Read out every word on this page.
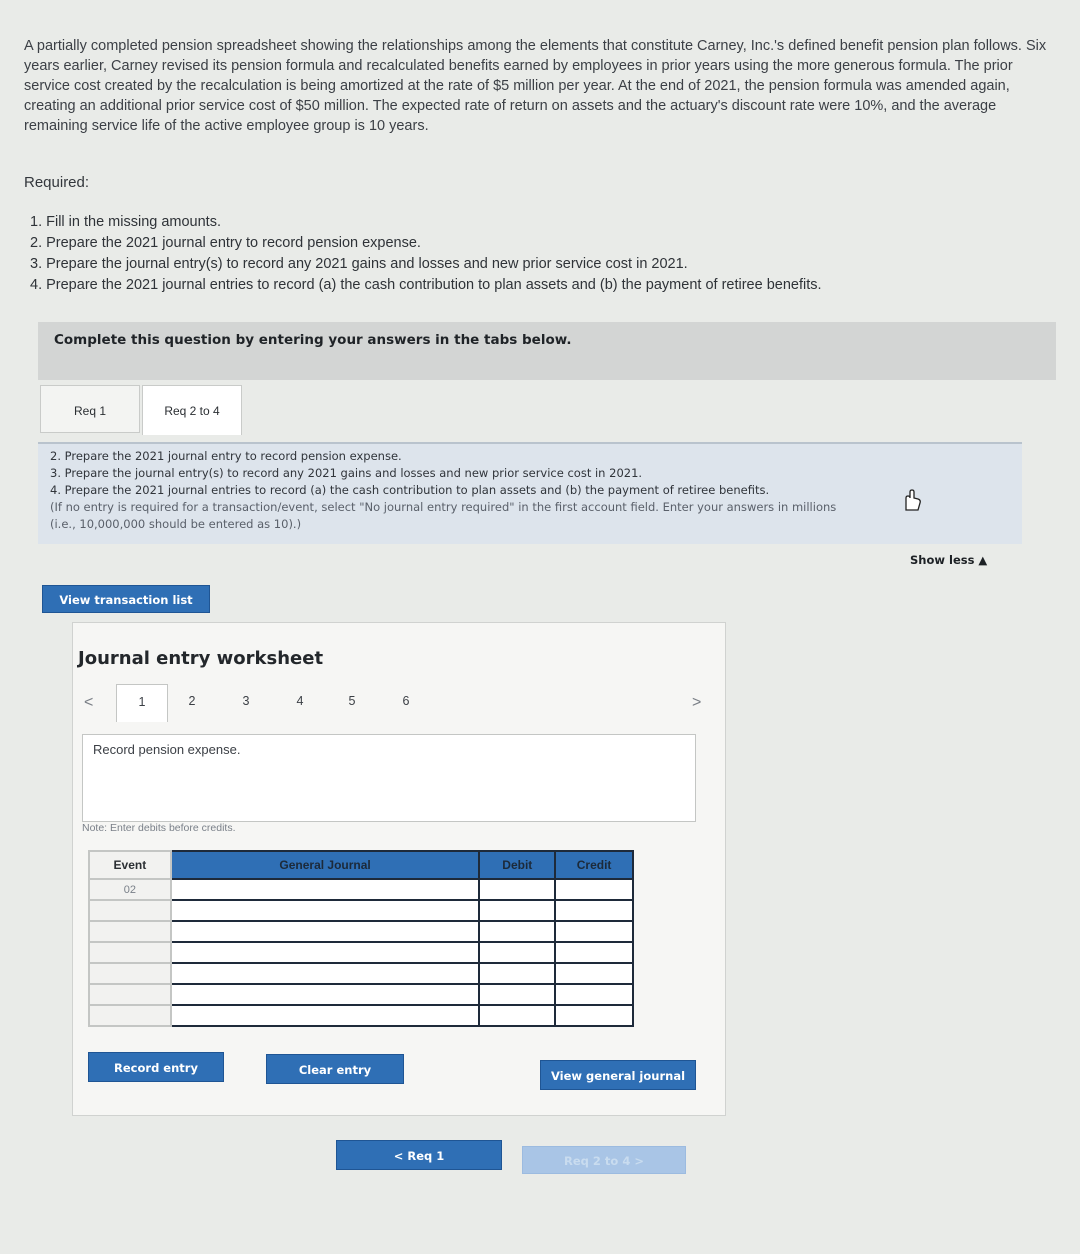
A partially completed pension spreadsheet showing the relationships among the elements that constitute Carney, Inc.'s defined benefit pension plan follows. Six years earlier, Carney revised its pension formula and recalculated benefits earned by employees in prior years using the more generous formula. The prior service cost created by the recalculation is being amortized at the rate of $5 million per year. At the end of 2021, the pension formula was amended again, creating an additional prior service cost of $50 million. The expected rate of return on assets and the actuary's discount rate were 10%, and the average remaining service life of the active employee group is 10 years.
Required:
1. Fill in the missing amounts.
2. Prepare the 2021 journal entry to record pension expense.
3. Prepare the journal entry(s) to record any 2021 gains and losses and new prior service cost in 2021.
4. Prepare the 2021 journal entries to record (a) the cash contribution to plan assets and (b) the payment of retiree benefits.
Complete this question by entering your answers in the tabs below.
Req 1	Req 2 to 4
2. Prepare the 2021 journal entry to record pension expense.
3. Prepare the journal entry(s) to record any 2021 gains and losses and new prior service cost in 2021.
4. Prepare the 2021 journal entries to record (a) the cash contribution to plan assets and (b) the payment of retiree benefits.
(If no entry is required for a transaction/event, select "No journal entry required" in the first account field. Enter your answers in millions
(i.e., 10,000,000 should be entered as 10).)
Show less ▲
View transaction list
Journal entry worksheet
<	1	2	3	4	5	6	>
Record pension expense.
Note: Enter debits before credits.
Event	General Journal	Debit	Credit
02			

Record entry	Clear entry	View general journal
< Req 1	Req 2 to 4 >
